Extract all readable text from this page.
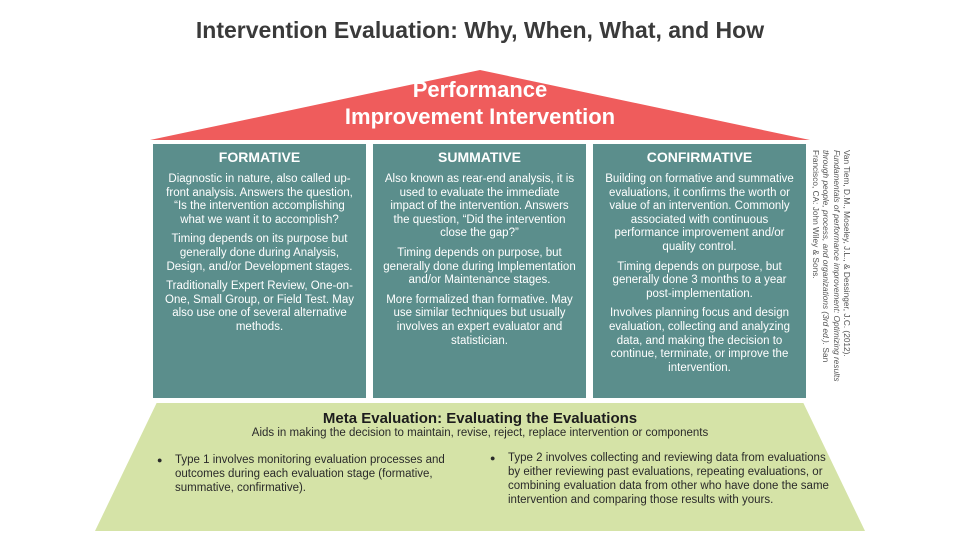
Intervention Evaluation: Why, When, What, and How
Performance
Improvement Intervention
FORMATIVE

Diagnostic in nature, also called up-front analysis. Answers the question, “Is the intervention accomplishing what we want it to accomplish?

Timing depends on its purpose but generally done during Analysis, Design, and/or Development stages.

Traditionally Expert Review, One-on-One, Small Group, or Field Test. May also use one of several alternative methods.

SUMMATIVE

Also known as rear-end analysis, it is used to evaluate the immediate impact of the intervention. Answers the question, “Did the intervention close the gap?”

Timing depends on purpose, but generally done during Implementation and/or Maintenance stages.

More formalized than formative. May use similar techniques but usually involves an expert evaluator and statistician.

CONFIRMATIVE

Building on formative and summative evaluations, it confirms the worth or value of an intervention. Commonly associated with continuous performance improvement and/or quality control.

Timing depends on purpose, but generally done 3 months to a year post-implementation.

Involves planning focus and design evaluation, collecting and analyzing data, and making the decision to continue, terminate, or improve the intervention.

Van Tiem, D.M., Moseley, J.L., & Dessinger, J.C. (2012). Fundamentals of performance improvement: Optimizing results through people, process, and organizations (3rd ed.). San Francisco, CA: John Wiley & Sons.
Meta Evaluation: Evaluating the Evaluations
Aids in making the decision to maintain, revise, reject, replace intervention or components
●	Type 1 involves monitoring evaluation processes and outcomes during each evaluation stage (formative, summative, confirmative).
●	Type 2 involves collecting and reviewing data from evaluations by either reviewing past evaluations, repeating evaluations, or combining evaluation data from other who have done the same intervention and comparing those results with yours.
